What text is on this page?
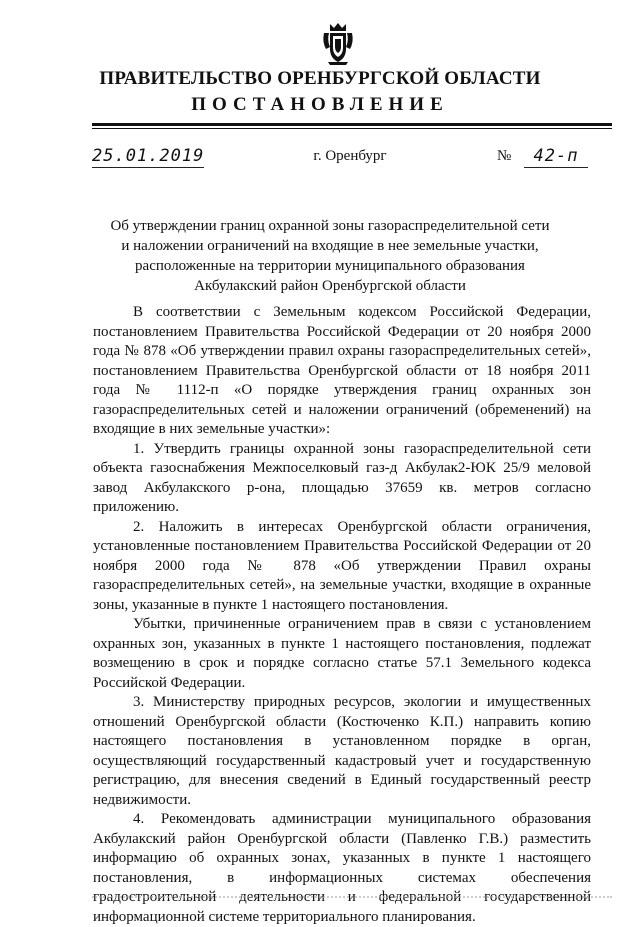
ПРАВИТЕЛЬСТВО ОРЕНБУРГСКОЙ ОБЛАСТИ
ПОСТАНОВЛЕНИЕ
25.01.2019	г. Оренбург	№	42-п
Об утверждении границ охранной зоны газораспределительной сети
и наложении ограничений на входящие в нее земельные участки,
расположенные на территории муниципального образования
Акбулакский район Оренбургской области

В соответствии с Земельным кодексом Российской Федерации, постановлением Правительства Российской Федерации от 20 ноября 2000 года № 878 «Об утверждении правил охраны газораспределительных сетей», постановлением Правительства Оренбургской области от 18 ноября 2011 года № 1112-п «О порядке утверждения границ охранных зон газораспределительных сетей и наложении ограничений (обременений) на входящие в них земельные участки»:

1. Утвердить границы охранной зоны газораспределительной сети объекта газоснабжения Межпоселковый газ-д Акбулак2-ЮК 25/9 меловой завод Акбулакского р-она, площадью 37659 кв. метров согласно приложению.

2. Наложить в интересах Оренбургской области ограничения, установленные постановлением Правительства Российской Федерации от 20 ноября 2000 года № 878 «Об утверждении Правил охраны газораспределительных сетей», на земельные участки, входящие в охранные зоны, указанные в пункте 1 настоящего постановления.

Убытки, причиненные ограничением прав в связи с установлением охранных зон, указанных в пункте 1 настоящего постановления, подлежат возмещению в срок и порядке согласно статье 57.1 Земельного кодекса Российской Федерации.

3. Министерству природных ресурсов, экологии и имущественных отношений Оренбургской области (Костюченко К.П.) направить копию настоящего постановления в установленном порядке в орган, осуществляющий государственный кадастровый учет и государственную регистрацию, для внесения сведений в Единый государственный реестр недвижимости.

4. Рекомендовать администрации муниципального образования Акбулакский район Оренбургской области (Павленко Г.В.) разместить информацию об охранных зонах, указанных в пункте 1 настоящего постановления, в информационных системах обеспечения градостроительной деятельности и федеральной государственной информационной системе территориального планирования.
